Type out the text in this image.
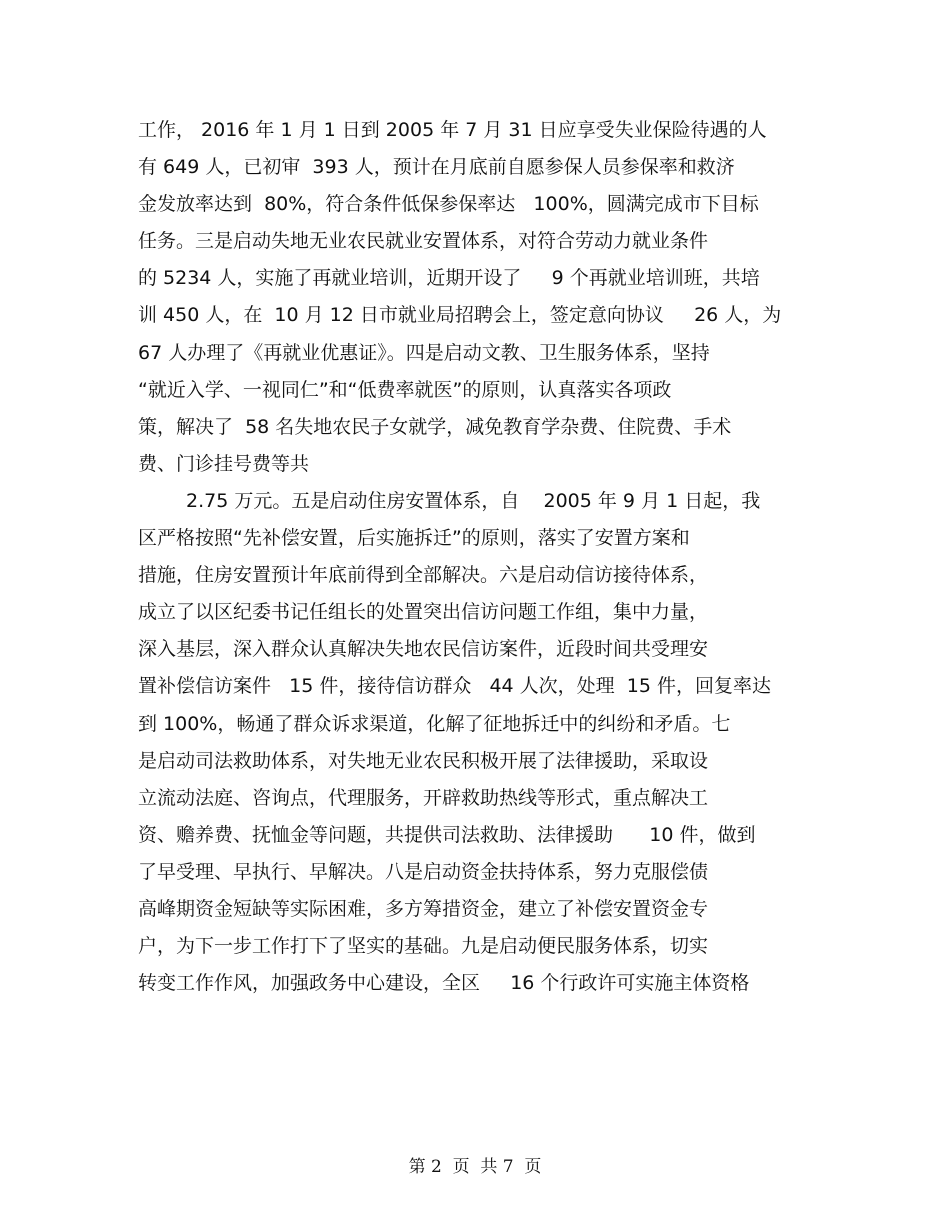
工作， 2016 年 1 月 1 日到 2005 年 7 月 31 日应享受失业保险待遇的人
有 649 人，已初审  393 人，预计在月底前自愿参保人员参保率和救济
金发放率达到  80%，符合条件低保参保率达   100%，圆满完成市下目标
任务。三是启动失地无业农民就业安置体系，对符合劳动力就业条件
的 5234 人，实施了再就业培训，近期开设了     9 个再就业培训班，共培
训 450 人，在  10 月 12 日市就业局招聘会上，签定意向协议     26 人，为
67 人办理了《再就业优惠证》。四是启动文教、卫生服务体系，坚持
“就近入学、一视同仁”和“低费率就医”的原则，认真落实各项政
策，解决了  58 名失地农民子女就学，减免教育学杂费、住院费、手术
费、门诊挂号费等共
2.75 万元。五是启动住房安置体系，自    2005 年 9 月 1 日起，我
区严格按照“先补偿安置，后实施拆迁”的原则，落实了安置方案和
措施，住房安置预计年底前得到全部解决。六是启动信访接待体系，
成立了以区纪委书记任组长的处置突出信访问题工作组，集中力量，
深入基层，深入群众认真解决失地农民信访案件，近段时间共受理安
置补偿信访案件   15 件，接待信访群众   44 人次，处理  15 件，回复率达
到 100%，畅通了群众诉求渠道，化解了征地拆迁中的纠纷和矛盾。七
是启动司法救助体系，对失地无业农民积极开展了法律援助，采取设
立流动法庭、咨询点，代理服务，开辟救助热线等形式，重点解决工
资、赡养费、抚恤金等问题，共提供司法救助、法律援助      10 件，做到
了早受理、早执行、早解决。八是启动资金扶持体系，努力克服偿债
高峰期资金短缺等实际困难，多方筹措资金，建立了补偿安置资金专
户，为下一步工作打下了坚实的基础。九是启动便民服务体系，切实
转变工作作风，加强政务中心建设，全区     16 个行政许可实施主体资格
第 2  页  共 7  页
